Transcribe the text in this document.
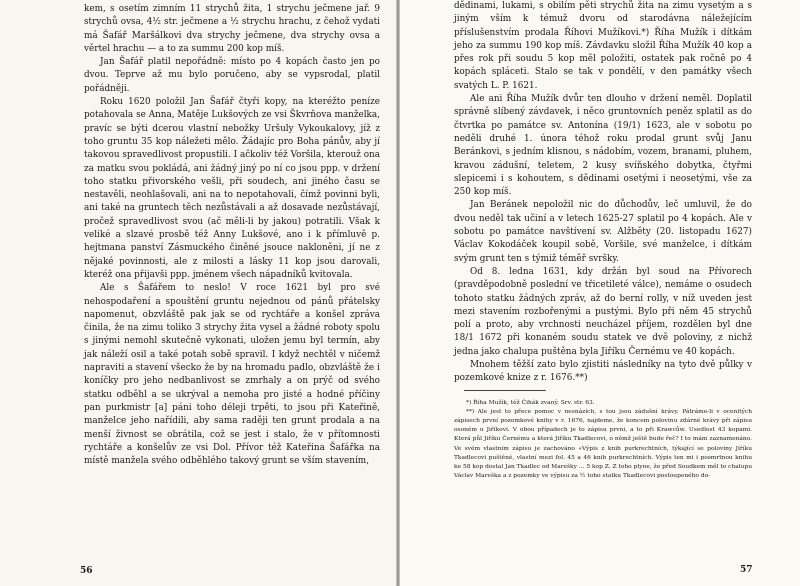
kem, s osetím zimním 11 strychů žita, 1 strychu ječmene jař. 9 strychů ovsa, 4½ str. ječmene a ½ strychu hrachu, z čehož vydati má Šafář Maršálkovi dva strychy ječmene, dva strychy ovsa a věrtel hrachu — a to za summu 200 kop míš.

Jan Šafář platil nepořádně: místo po 4 kopách často jen po dvou. Teprve až mu bylo poručeno, aby se vypsrodal, platil pořádněji.

Roku 1620 položil Jan Šafář čtyři kopy, na kteréžto peníze potahovala se Anna, Matěje Lukšových ze vsi Škvrňova manželka, pravíc se býti dcerou vlastní nebožky Uršuly Vykoukalovy, jíž z toho gruntu 35 kop náležeti mělo. Žádajíc pro Boha pánův, aby jí takovou spravedlivost propustili. I ačkoliv též Voršila, kterouž ona za matku svou pokládá, ani žádný jiný po ní co jsou ppp. v držení toho statku přivorského vešli, při soudech, ani jiného času se nestavěli, neohlašovali, ani na to nepotahovali, čímž povinni byli, ani také na gruntech těch nezůstávali a až dosavade nezůstávají, pročež spravedlivost svou (ač měli-li by jakou) potratili. Však k veliké a slzavé prosbě též Anny Lukšové, ano i k přímluvě p. hejtmana panství Zásmuckého činěné jsouce nakloněni, jí ne z nějaké povinnosti, ale z milosti a lásky 11 kop jsou darovali, kteréž ona přijavši ppp. jménem všech nápadníků kvitovala.

Ale s Šafářem to neslo! V roce 1621 byl pro své nehospodaření a spouštění gruntu nejednou od pánů přátelsky napomenut, obzvláště pak jak se od rychtáře a konšel zpráva činila, že na zimu toliko 3 strychy žita vysel a žádné roboty spolu s jinými nemohl skutečně vykonati, uložen jemu byl termín, aby jak náleží osil a také potah sobě spravil. I když nechtěl v ničemž napraviti a stavení všecko že by na hromadu padlo, obzvláště že i koníčky pro jeho nedbanlivost se zmrhaly a on prýč od svého statku odběhl a se ukrýval a nemoha pro jisté a hodné příčiny pan purkmistr [a] páni toho déleji trpěti, to jsou při Kateřině, manželce jeho nařídili, aby sama raději ten grunt prodala a na menší živnost se obrátila, což se jest i stalo, že v přítomnosti rychtáře a konšelův ze vsi Dol. Přívor též Kateřina Šafářka na místě manžela svého odběhlého takový grunt se vším stavením,

56

dědinami, lukami, s obilím pěti strychů žita na zimu vysetým a s jiným vším k témuž dvoru od starodávna náležejícím příslušenstvím prodala Říhovi Mužíkovi.*) Říha Mužík i dítkám jeho za summu 190 kop míš. Závdavku složil Říha Mužík 40 kop a přes rok při soudu 5 kop měl položiti, ostatek pak ročně po 4 kopách spláceti. Stalo se tak v pondělí, v den památky všech svatých L. P. 1621.

Ale ani Říha Mužík dvůr ten dlouho v držení neměl. Doplatil správně slíbený závdavek, i něco gruntovních peněz splatil as do čtvrtka po památce sv. Antonína (19/1) 1623, ale v sobotu po neděli druhé 1. února téhož roku prodal grunt svůj Janu Beránkovi, s jedním klisnou, s nádobím, vozem, branami, pluhem, kravou zádušní, teletem, 2 kusy svíňského dobytka, čtyřmi slepicemi i s kohoutem, s dědinami osetými i neosetými, vše za 250 kop míš.

Jan Beránek nepoložil nic do důchodův, leč umluvil, že do dvou neděl tak učiní a v letech 1625-27 splatil po 4 kopách. Ale v sobotu po památce navštívení sv. Alžběty (20. listopadu 1627) Václav Kokodáček koupil sobě, Voršile, své manželce, i dítkám svým grunt ten s týmiž téměř svršky.

Od 8. ledna 1631, kdy držán byl soud na Přívorech (pravděpodobně poslední ve třicetileté válce), nemáme o osudech tohoto statku žádných zpráv, až do berní rolly, v níž uveden jest mezi stavením rozbořenými a pustými. Bylo při něm 45 strychů polí a proto, aby vrchnosti neucházel příjem, rozdělen byl dne 18/1 1672 při konaném soudu statek ve dvě poloviny, z nichž jedna jako chalupa puštěna byla Jiříku Černému ve 40 kopách.

Mnohem těžší zato bylo zjistiti následníky na tyto dvě půlky v pozemkové knize z r. 1676.**)

*) Říha Mužík, též Čihák zvaný. Srv. str. 63.

**) Ale jest to přece pomoc v nesnázích, s tou jsou zádušní krávy. Pátráme-li v ocenitých zápisech první pozemkové knihy v r. 1676, najdeme, že koncem polovinu zdárné krávy při zápisu osoném u Jiříkovi. V obou případech je to zápisu prvni, a to při Krawcůw. Usedlost 43 kopami. Která půl Jiříku Černému a která Jiříku Tkadlecovi, o němž ještě bude řeč? I to mám zaznamenáno. Ve svém vlastním zápisu je zachováno «Výpis z knih purkrechtních, týkající se poloviny Jiříku Tkadlecovi puštěné, vlastní mezi fol. 45 a 46 knih purkrechtních. Výpis ten mi i posmrtnou knihu ke 58 kop dostal Jan Tkadlec od Marešky ... 5 kop Z. Z toho plyne, že před Soudkem měl to chalupu Václav Mareška a z pozemky ve výpisu za ½ toho statku Tkadlecovi postoupeného do-

57
